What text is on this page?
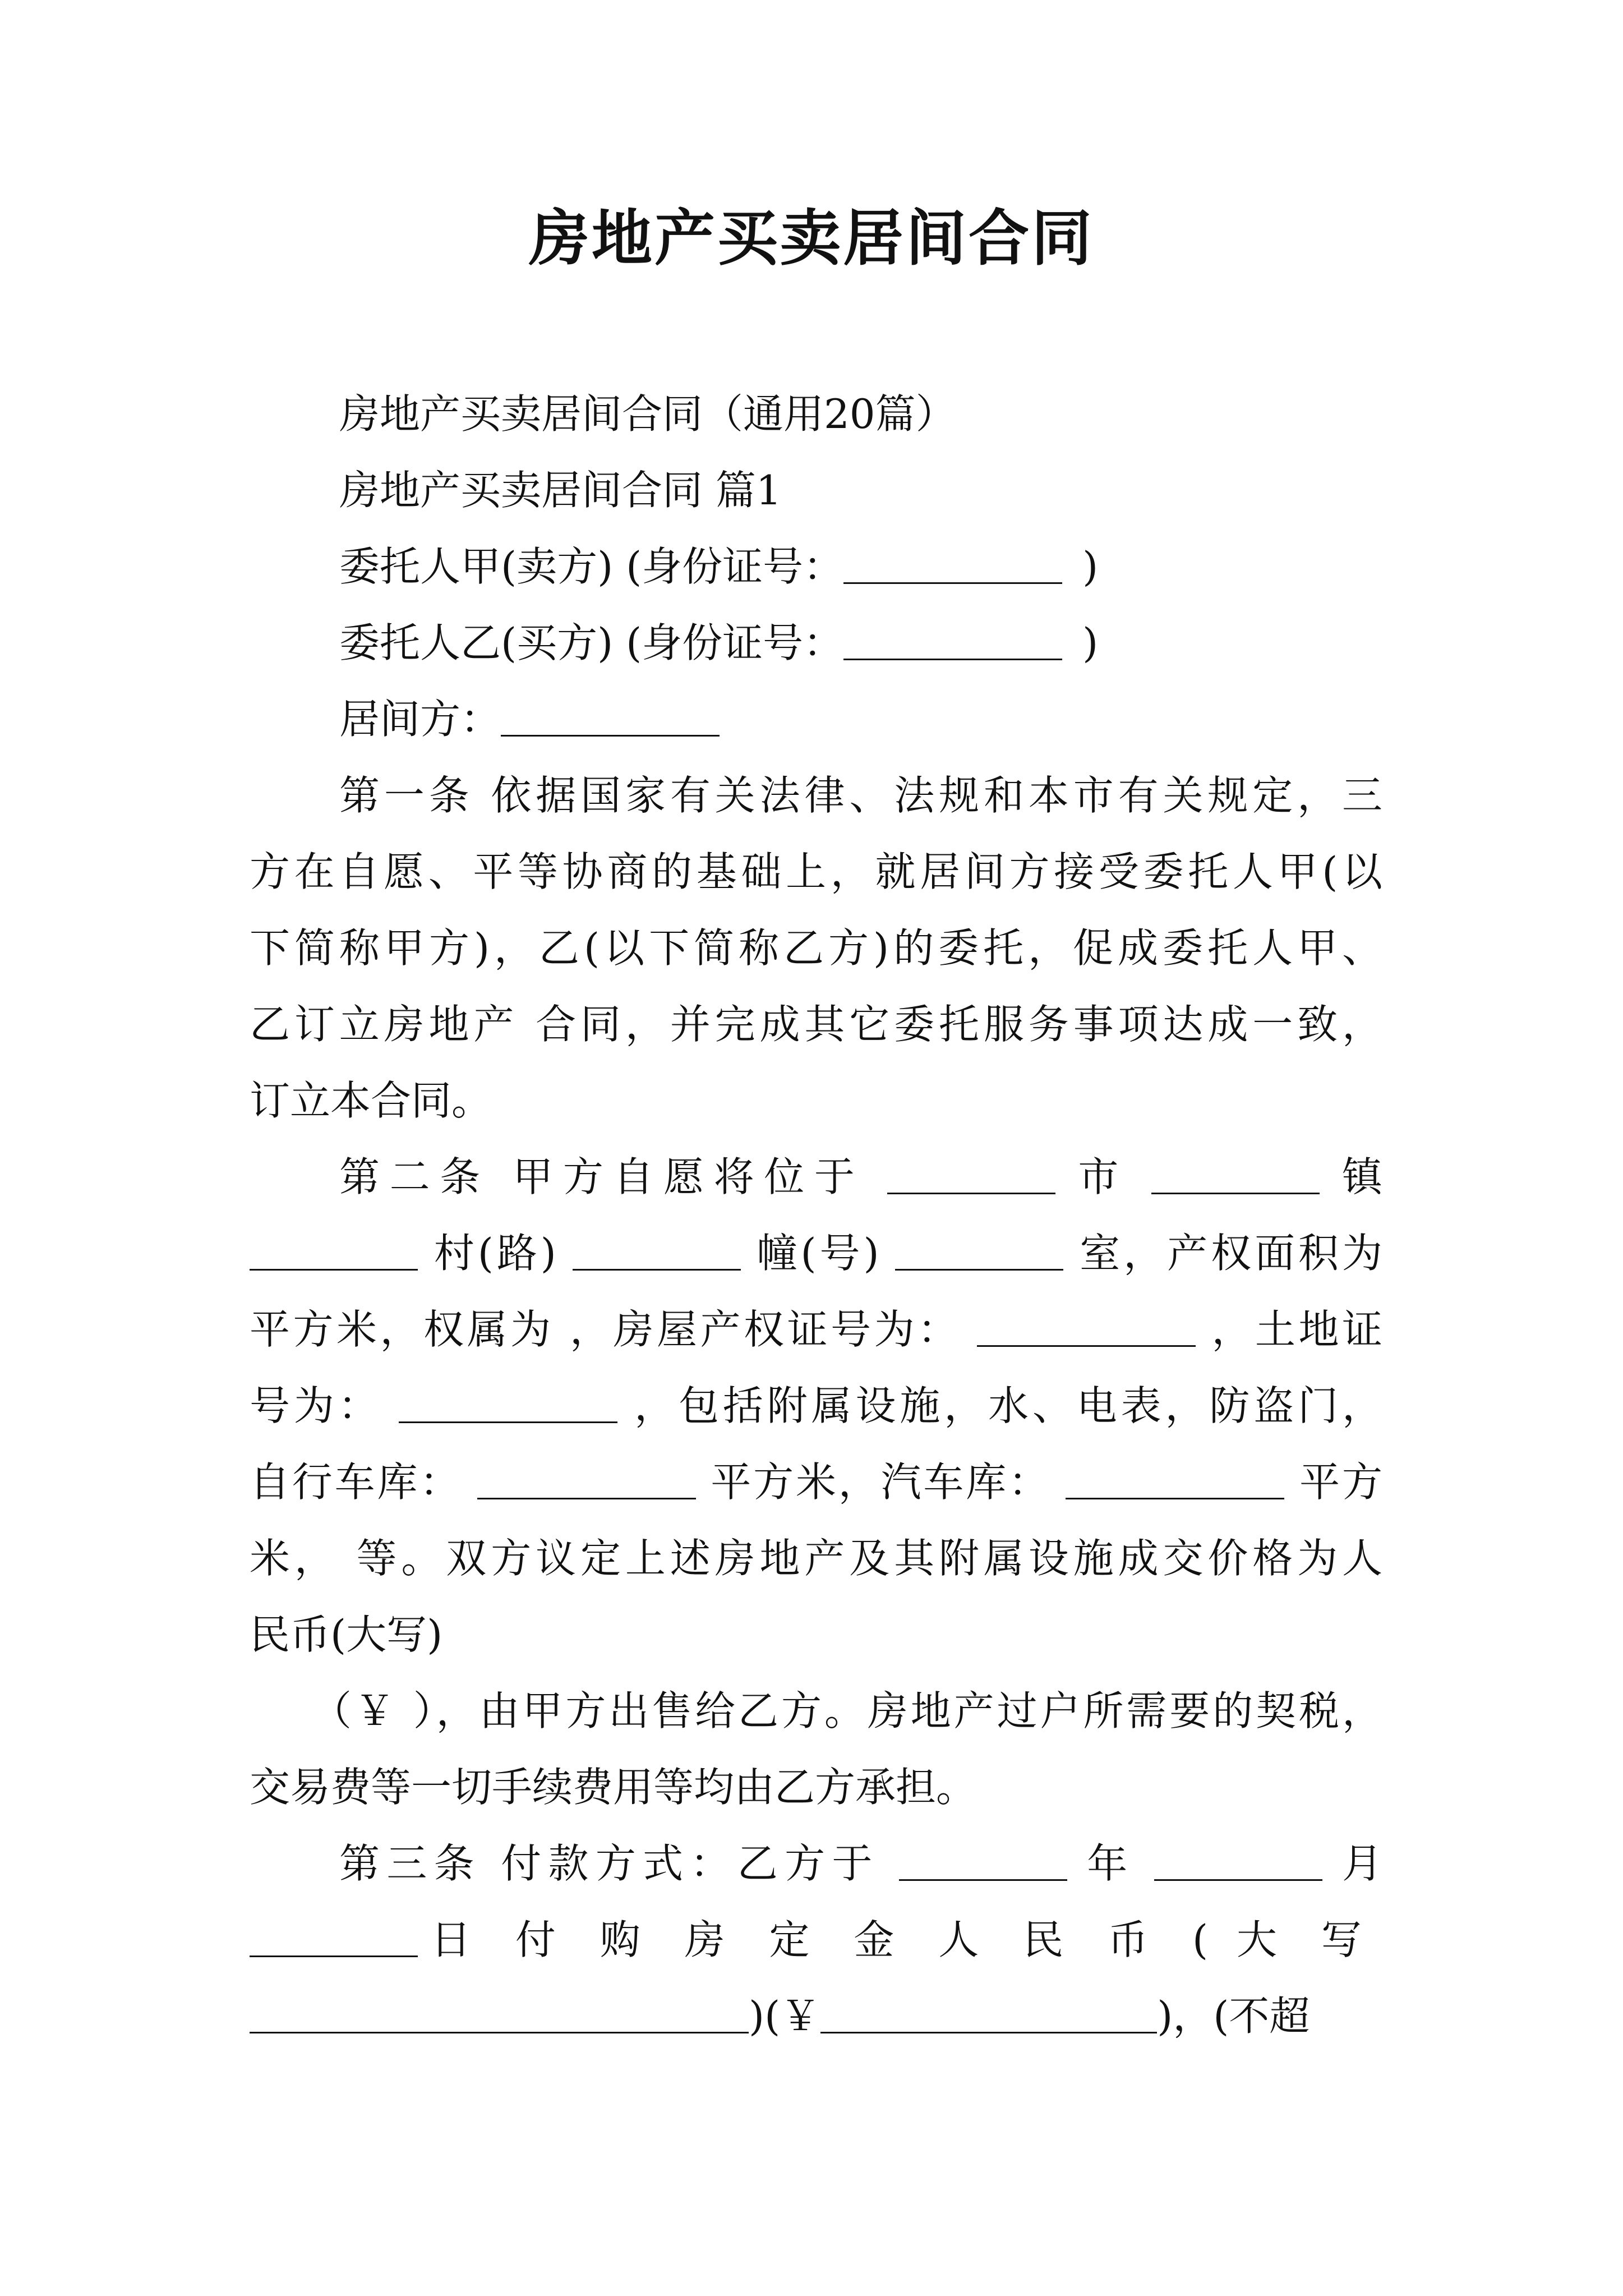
房地产买卖居间合同
房地产买卖居间合同（通用20篇）
房地产买卖居间合同 篇1
委托人甲(卖方) (身份证号：	)
委托人乙(买方) (身份证号：	)
居间方：
第一条 依据国家有关法律、法规和本市有关规定，三
方在自愿、平等协商的基础上，就居间方接受委托人甲(以
下简称甲方)，乙(以下简称乙方)的委托，促成委托人甲、
乙订立房地产 合同，并完成其它委托服务事项达成一致，
订立本合同。
第二条 甲方自愿将位于	市	镇
村(路)	幢(号)	室，产权面积为
平方米，权属为 ，房屋产权证号为：	，土地证
号为：	，包括附属设施，水、电表，防盗门，
自行车库：	平方米，汽车库：	平方
米， 等。双方议定上述房地产及其附属设施成交价格为人
民币(大写)
（￥ ），由甲方出售给乙方。房地产过户所需要的契税，
交易费等一切手续费用等均由乙方承担。
第三条 付款方式：乙方于	年	月
日 付 购 房 定 金 人 民 币 ( 大 写
)(￥	)，(不超
